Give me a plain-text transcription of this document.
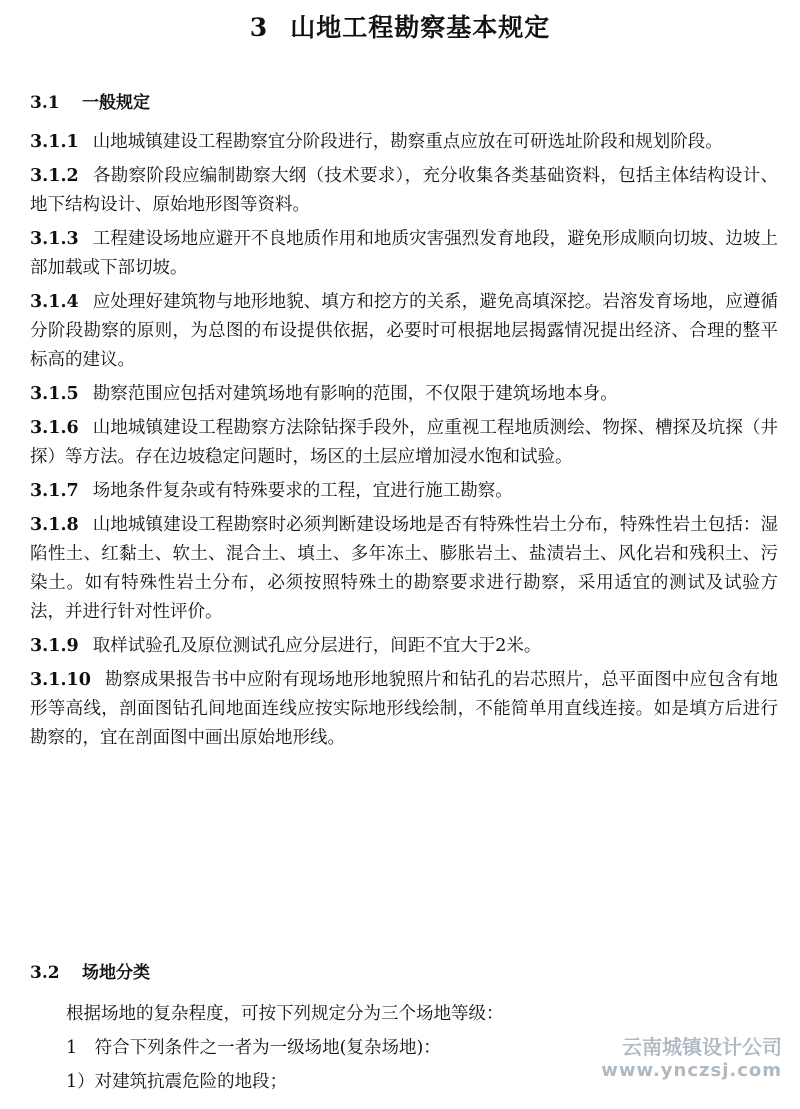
3 山地工程勘察基本规定
3.1 一般规定

3.1.1 山地城镇建设工程勘察宜分阶段进行，勘察重点应放在可研选址阶段和规划阶段。

3.1.2 各勘察阶段应编制勘察大纲（技术要求），充分收集各类基础资料，包括主体结构设计、地下结构设计、原始地形图等资料。

3.1.3 工程建设场地应避开不良地质作用和地质灾害强烈发育地段，避免形成顺向切坡、边坡上部加载或下部切坡。

3.1.4 应处理好建筑物与地形地貌、填方和挖方的关系，避免高填深挖。岩溶发育场地，应遵循分阶段勘察的原则，为总图的布设提供依据，必要时可根据地层揭露情况提出经济、合理的整平标高的建议。

3.1.5 勘察范围应包括对建筑场地有影响的范围，不仅限于建筑场地本身。

3.1.6 山地城镇建设工程勘察方法除钻探手段外，应重视工程地质测绘、物探、槽探及坑探（井探）等方法。存在边坡稳定问题时，场区的土层应增加浸水饱和试验。

3.1.7 场地条件复杂或有特殊要求的工程，宜进行施工勘察。

3.1.8 山地城镇建设工程勘察时必须判断建设场地是否有特殊性岩土分布，特殊性岩土包括：湿陷性土、红黏土、软土、混合土、填土、多年冻土、膨胀岩土、盐渍岩土、风化岩和残积土、污染土。如有特殊性岩土分布，必须按照特殊土的勘察要求进行勘察，采用适宜的测试及试验方法，并进行针对性评价。

3.1.9 取样试验孔及原位测试孔应分层进行，间距不宜大于2米。

3.1.10 勘察成果报告书中应附有现场地形地貌照片和钻孔的岩芯照片，总平面图中应包含有地形等高线，剖面图钻孔间地面连线应按实际地形线绘制，不能简单用直线连接。如是填方后进行勘察的，宜在剖面图中画出原始地形线。

3.2 场地分类

根据场地的复杂程度，可按下列规定分为三个场地等级：

1　符合下列条件之一者为一级场地(复杂场地)：

1）对建筑抗震危险的地段；

云南城镇设计公司
www.ynczsj.com
